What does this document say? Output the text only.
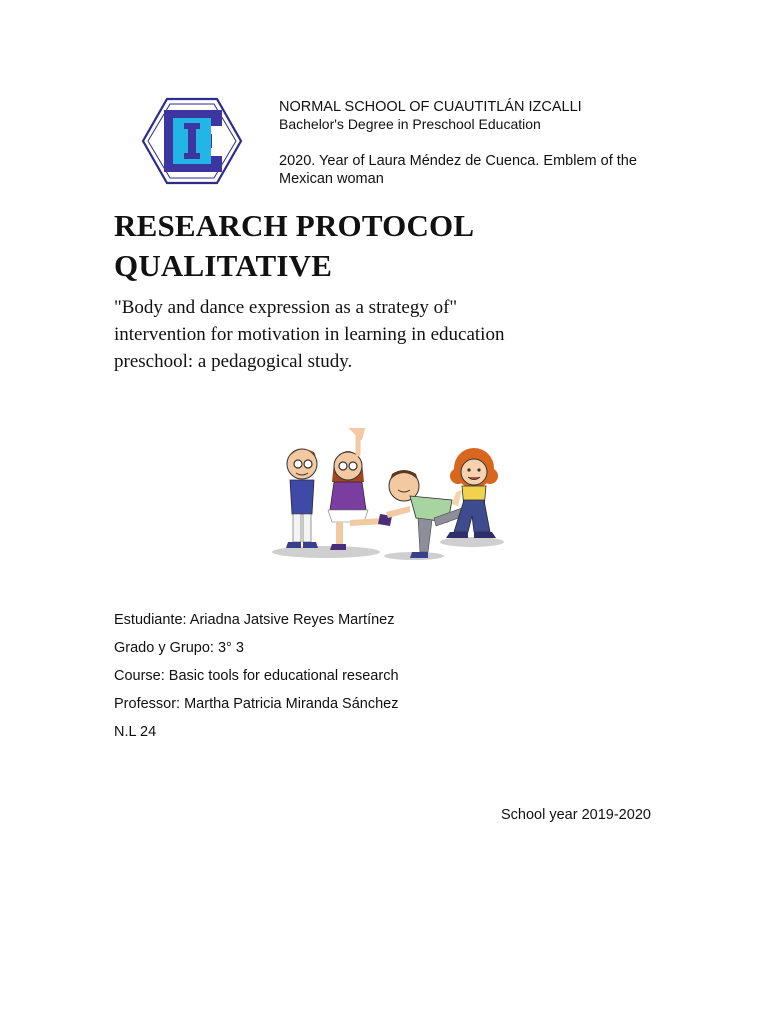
NORMAL SCHOOL OF CUAUTITLÁN IZCALLI

Bachelor's Degree in Preschool Education

2020. Year of Laura Méndez de Cuenca. Emblem of the Mexican woman

RESEARCH PROTOCOL
QUALITATIVE

"Body and dance expression as a strategy of" intervention for motivation in learning in education preschool: a pedagogical study.

Estudiante: Ariadna Jatsive Reyes Martínez

Grado y Grupo: 3° 3

Course: Basic tools for educational research

Professor: Martha Patricia Miranda Sánchez

N.L 24

School year 2019-2020
